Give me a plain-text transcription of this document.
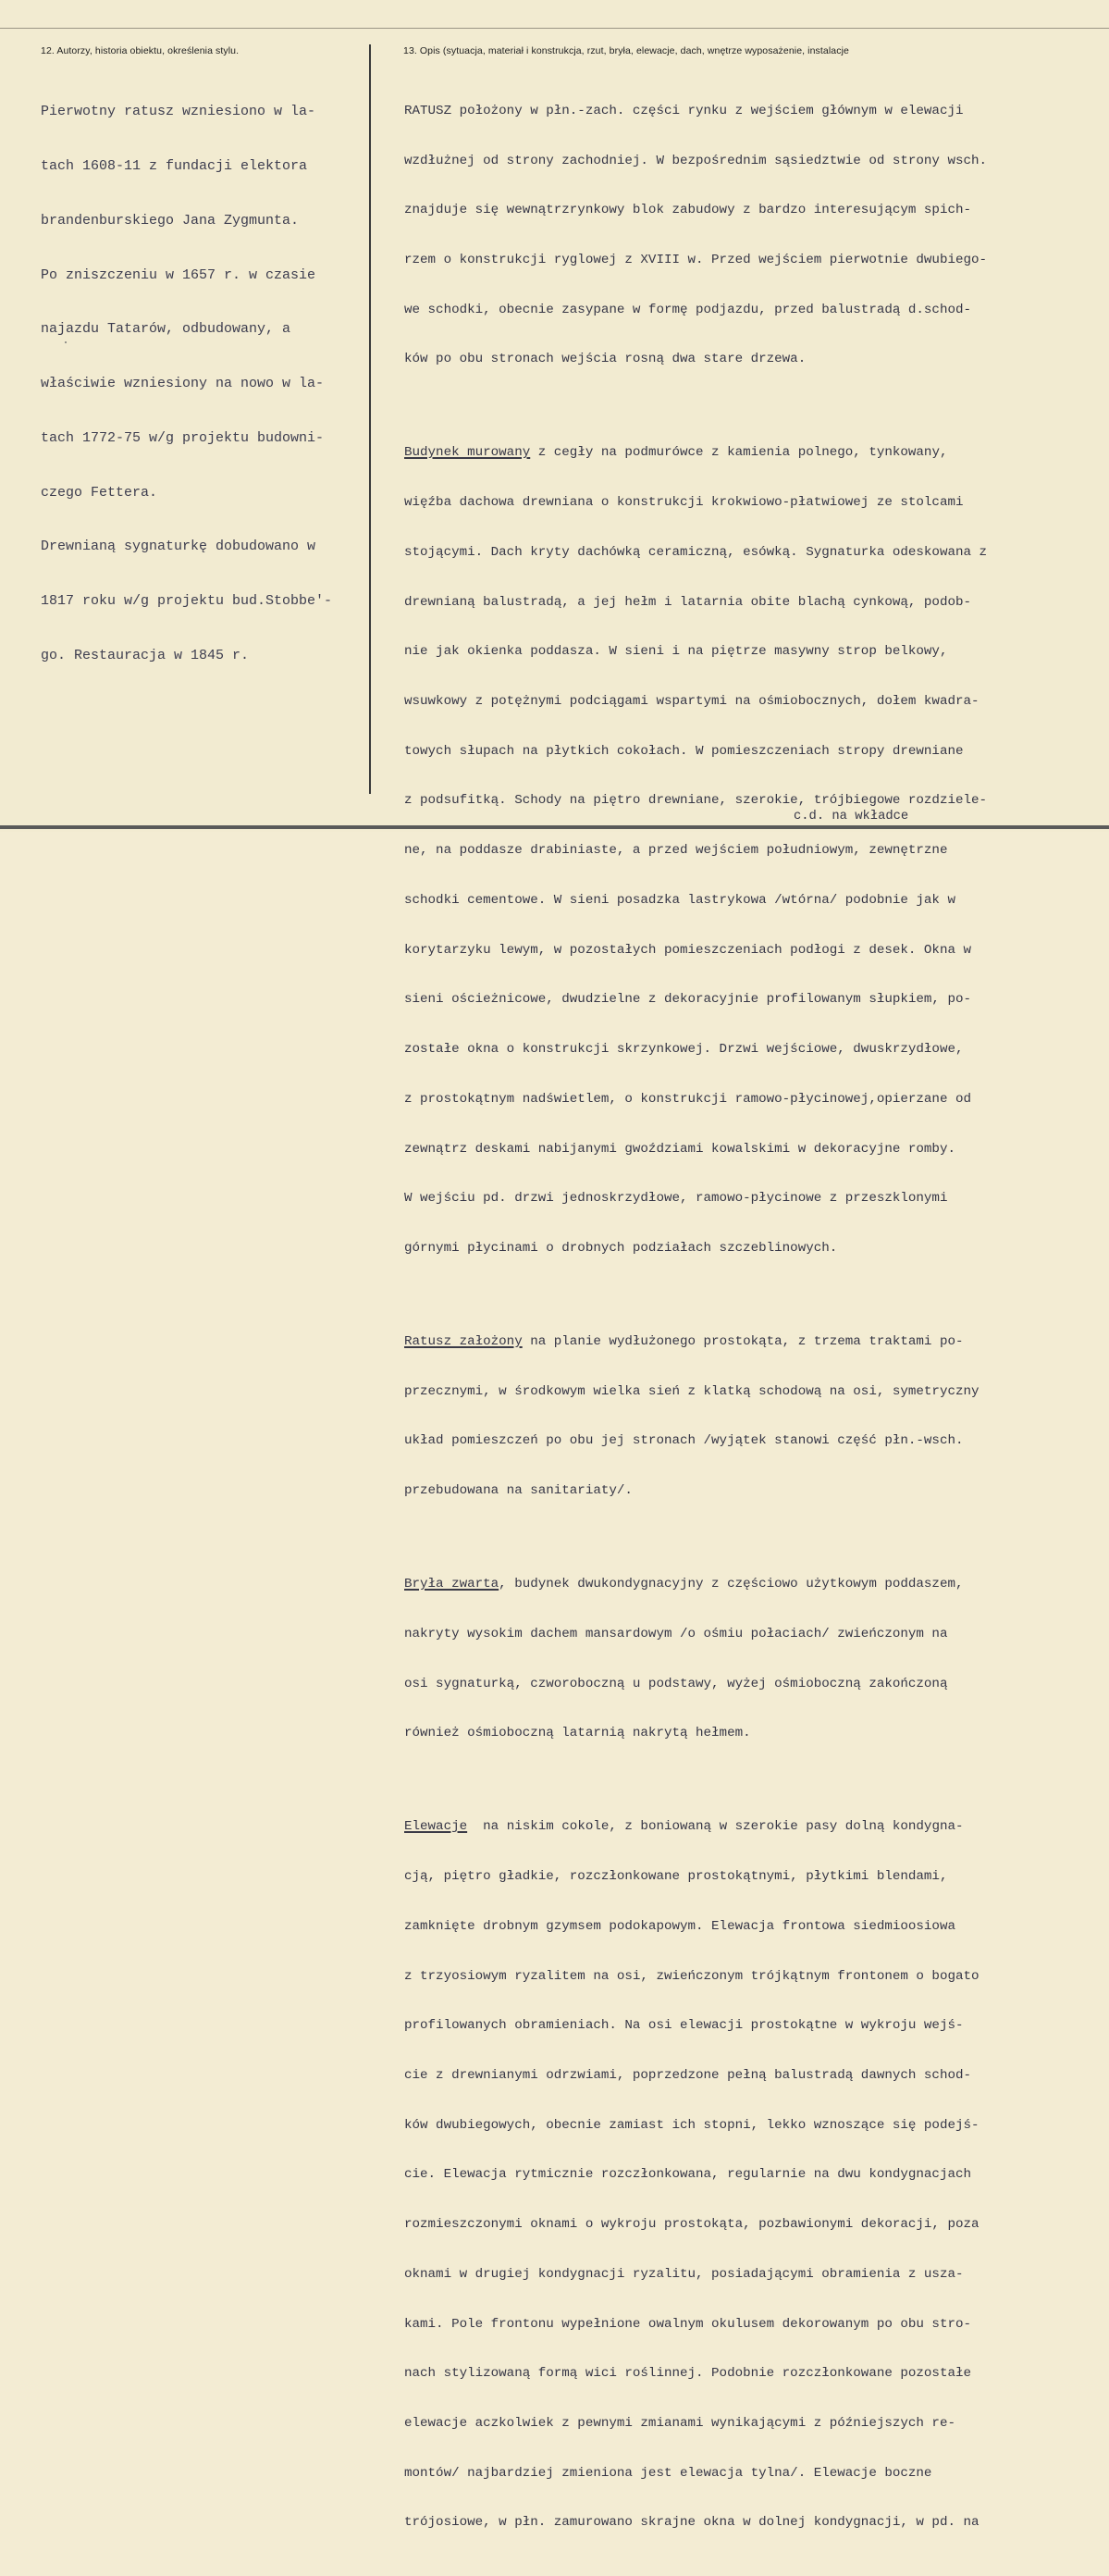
12. Autorzy, historia obiektu, określenia stylu.	13. Opis (sytuacja, materiał i konstrukcja, rzut, bryła, elewacje, dach, wnętrze wyposażenie, instalacje

Pierwotny ratusz wzniesiono w la-

tach 1608-11 z fundacji elektora

brandenburskiego Jana Zygmunta.

Po zniszczeniu w 1657 r. w czasie

najazdu Tatarów, odbudowany, a

właściwie wzniesiony na nowo w la-

tach 1772-75 w/g projektu budowni-

czego Fettera.

Drewnianą sygnaturkę dobudowano w

1817 roku w/g projektu bud.Stobbe'-

go. Restauracja w 1845 r.

RATUSZ położony w płn.-zach. części rynku z wejściem głównym w elewacji

wzdłużnej od strony zachodniej. W bezpośrednim sąsiedztwie od strony wsch.

znajduje się wewnątrzrynkowy blok zabudowy z bardzo interesującym spich-

rzem o konstrukcji ryglowej z XVIII w. Przed wejściem pierwotnie dwubiego-

we schodki, obecnie zasypane w formę podjazdu, przed balustradą d.schod-

ków po obu stronach wejścia rosną dwa stare drzewa.

Budynek murowany z cegły na podmurówce z kamienia polnego, tynkowany,

więźba dachowa drewniana o konstrukcji krokwiowo-płatwiowej ze stolcami

stojącymi. Dach kryty dachówką ceramiczną, esówką. Sygnaturka odeskowana z

drewnianą balustradą, a jej hełm i latarnia obite blachą cynkową, podob-

nie jak okienka poddasza. W sieni i na piętrze masywny strop belkowy,

wsuwkowy z potężnymi podciągami wspartymi na ośmiobocznych, dołem kwadra-

towych słupach na płytkich cokołach. W pomieszczeniach stropy drewniane

z podsufitką. Schody na piętro drewniane, szerokie, trójbiegowe rozdziele-

ne, na poddasze drabiniaste, a przed wejściem południowym, zewnętrzne

schodki cementowe. W sieni posadzka lastrykowa /wtórna/ podobnie jak w

korytarzyku lewym, w pozostałych pomieszczeniach podłogi z desek. Okna w

sieni ościeżnicowe, dwudzielne z dekoracyjnie profilowanym słupkiem, po-

zostałe okna o konstrukcji skrzynkowej. Drzwi wejściowe, dwuskrzydłowe,

z prostokątnym nadświetlem, o konstrukcji ramowo-płycinowej,opierzane od

zewnątrz deskami nabijanymi gwoździami kowalskimi w dekoracyjne romby.

W wejściu pd. drzwi jednoskrzydłowe, ramowo-płycinowe z przeszklonymi

górnymi płycinami o drobnych podziałach szczeblinowych.

Ratusz założony na planie wydłużonego prostokąta, z trzema traktami po-

przecznymi, w środkowym wielka sień z klatką schodową na osi, symetryczny

układ pomieszczeń po obu jej stronach /wyjątek stanowi część płn.-wsch.

przebudowana na sanitariaty/.

Bryła zwarta, budynek dwukondygnacyjny z częściowo użytkowym poddaszem,

nakryty wysokim dachem mansardowym /o ośmiu połaciach/ zwieńczonym na

osi sygnaturką, czworoboczną u podstawy, wyżej ośmioboczną zakończoną

również ośmioboczną latarnią nakrytą hełmem.

Elewacje  na niskim cokole, z boniowaną w szerokie pasy dolną kondygna-

cją, piętro gładkie, rozczłonkowane prostokątnymi, płytkimi blendami,

zamknięte drobnym gzymsem podokapowym. Elewacja frontowa siedmioosiowa

z trzyosiowym ryzalitem na osi, zwieńczonym trójkątnym frontonem o bogato

profilowanych obramieniach. Na osi elewacji prostokątne w wykroju wejś-

cie z drewnianymi odrzwiami, poprzedzone pełną balustradą dawnych schod-

ków dwubiegowych, obecnie zamiast ich stopni, lekko wznoszące się podejś-

cie. Elewacja rytmicznie rozczłonkowana, regularnie na dwu kondygnacjach

rozmieszczonymi oknami o wykroju prostokąta, pozbawionymi dekoracji, poza

oknami w drugiej kondygnacji ryzalitu, posiadającymi obramienia z uszа-

kami. Pole frontonu wypełnione owalnym okulusem dekorowanym po obu stro-

nach stylizowaną formą wici roślinnej. Podobnie rozczłonkowane pozostałe

elewacje aczkolwiek z pewnymi zmianami wynikającymi z późniejszych re-

montów/ najbardziej zmieniona jest elewacja tylna/. Elewacje boczne

trójosiowe, w płn. zamurowano skrajne okna w dolnej kondygnacji, w pd. na

c.d. na wkładce
